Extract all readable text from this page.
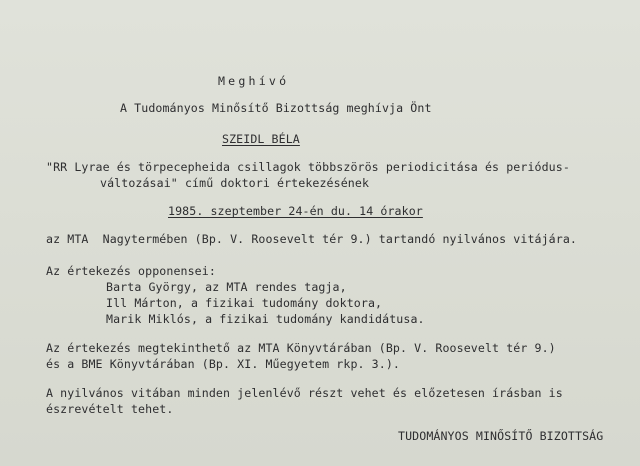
Meghívó
A Tudományos Minősítő Bizottság meghívja Önt
SZEIDL BÉLA
"RR Lyrae és törpecepheida csillagok többszörös periodicitása és periódus-
változásai" című doktori értekezésének
1985. szeptember 24-én du. 14 órakor
az MTA  Nagytermében (Bp. V. Roosevelt tér 9.) tartandó nyilvános vitájára.
Az értekezés opponensei:
Barta György, az MTA rendes tagja,
Ill Márton, a fizikai tudomány doktora,
Marik Miklós, a fizikai tudomány kandidátusa.
Az értekezés megtekinthető az MTA Könyvtárában (Bp. V. Roosevelt tér 9.)
és a BME Könyvtárában (Bp. XI. Műegyetem rkp. 3.).
A nyilvános vitában minden jelenlévő részt vehet és előzetesen írásban is
észrevételt tehet.
TUDOMÁNYOS MINŐSÍTŐ BIZOTTSÁG
